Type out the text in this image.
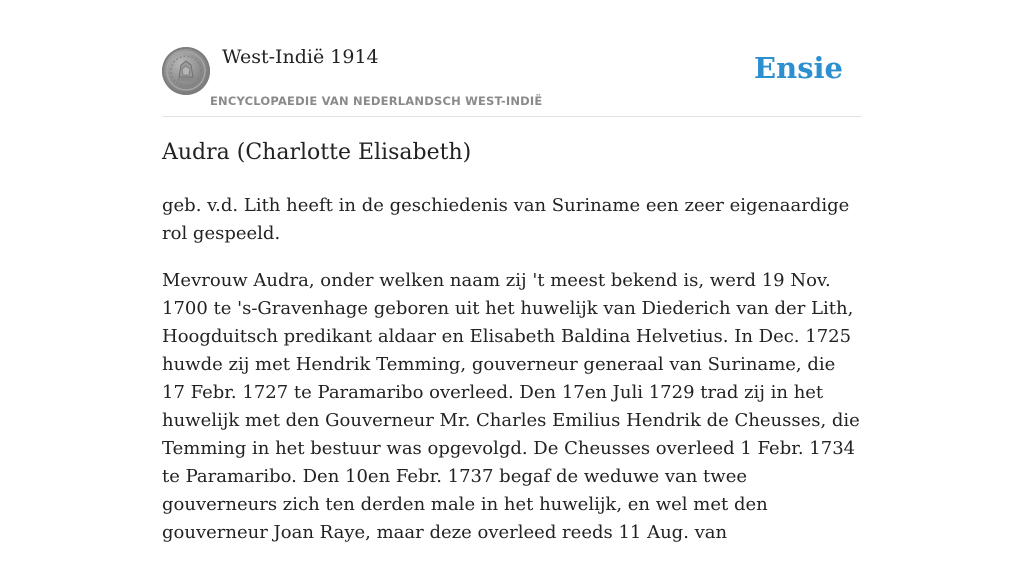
West-Indië 1914
ENCYCLOPAEDIE VAN NEDERLANDSCH WEST-INDIË
Ensie
Audra (Charlotte Elisabeth)

geb. v.d. Lith heeft in de geschiedenis van Suriname een zeer eigenaardige rol gespeeld.

Mevrouw Audra, onder welken naam zij 't meest bekend is, werd 19 Nov. 1700 te 's-Gravenhage geboren uit het huwelijk van Diederich van der Lith, Hoogduitsch predikant aldaar en Elisabeth Baldina Helvetius. In Dec. 1725 huwde zij met Hendrik Temming, gouverneur generaal van Suriname, die 17 Febr. 1727 te Paramaribo overleed. Den 17en Juli 1729 trad zij in het huwelijk met den Gouverneur Mr. Charles Emilius Hendrik de Cheusses, die Temming in het bestuur was opgevolgd. De Cheusses overleed 1 Febr. 1734 te Paramaribo. Den 10en Febr. 1737 begaf de weduwe van twee gouverneurs zich ten derden male in het huwelijk, en wel met den gouverneur Joan Raye, maar deze overleed reeds 11 Aug. van
